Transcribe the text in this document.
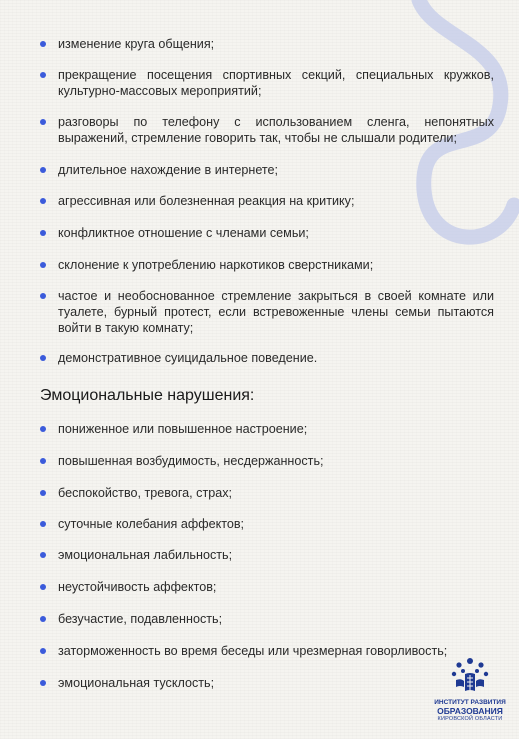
изменение круга общения;
прекращение посещения спортивных секций, специальных кружков, культурно-массовых мероприятий;
разговоры по телефону с использованием сленга, непонятных выражений, стремление говорить так, чтобы не слышали родители;
длительное нахождение в интернете;
агрессивная или болезненная реакция на критику;
конфликтное отношение с членами семьи;
склонение к употреблению наркотиков сверстниками;
частое и необоснованное стремление закрыться в своей комнате или туалете, бурный протест, если встревоженные члены семьи пытаются войти в такую комнату;
демонстративное суицидальное поведение.
Эмоциональные нарушения:
пониженное или повышенное настроение;
повышенная возбудимость, несдержанность;
беспокойство, тревога, страх;
суточные колебания аффектов;
эмоциональная лабильность;
неустойчивость аффектов;
безучастие, подавленность;
заторможенность во время беседы или чрезмерная говорливость;
эмоциональная тусклость;
ИНСТИТУТ РАЗВИТИЯ
ОБРАЗОВАНИЯ
КИРОВСКОЙ ОБЛАСТИ
